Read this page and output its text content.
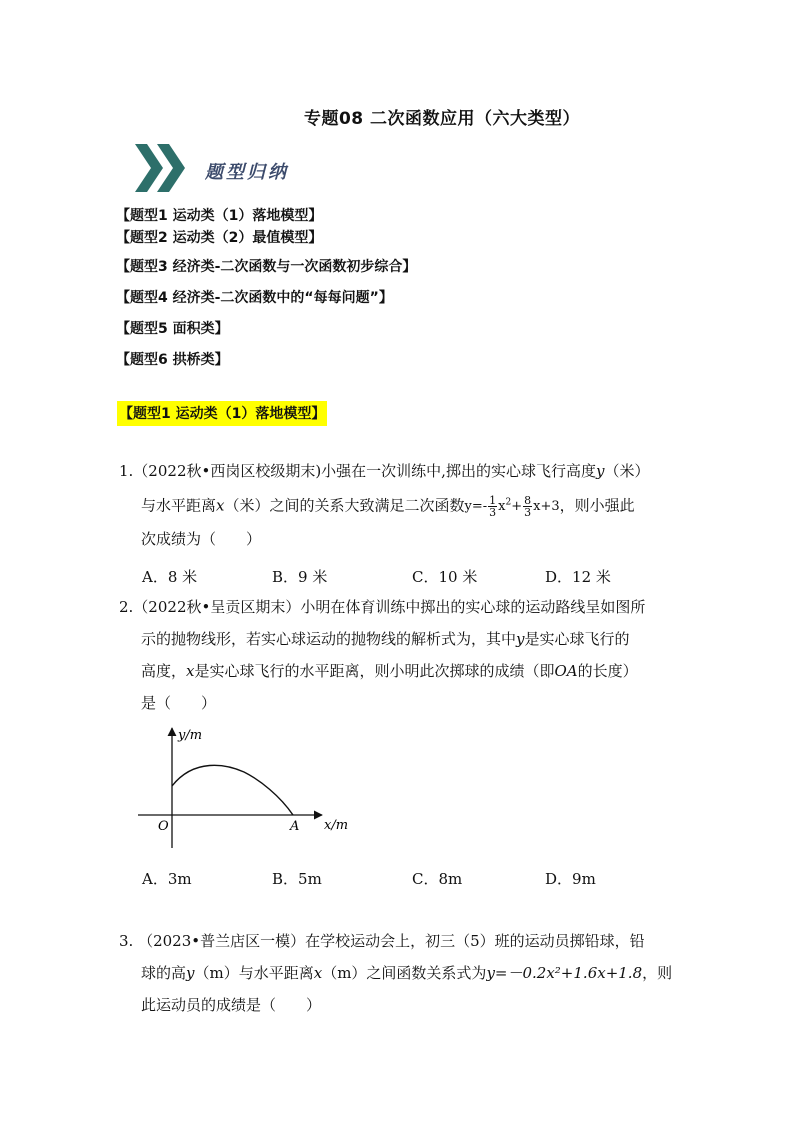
专题08 二次函数应用（六大类型）
题型归纳
【题型1 运动类（1）落地模型】
【题型2 运动类（2）最值模型】
【题型3 经济类-二次函数与一次函数初步综合】
【题型4 经济类-二次函数中的“每每问题”】
【题型5 面积类】
【题型6 拱桥类】
【题型1 运动类（1）落地模型】
1.（2022秋•西岗区校级期末)小强在一次训练中,掷出的实心球飞行高度y（米）
与水平距离x（米）之间的关系大致满足二次函数$y=- \frac{1}{3} x^2+ \frac{8}{3} x+3$，则小强此
次成绩为（　　）
A．8 米	B．9 米	C．10 米	D．12 米
2.（2022秋•呈贡区期末）小明在体育训练中掷出的实心球的运动路线呈如图所
示的抛物线形，若实心球运动的抛物线的解析式为，其中y是实心球飞行的
高度，x是实心球飞行的水平距离，则小明此次掷球的成绩（即OA的长度）
是（　　）
y/m
x/m
O	A
A．3m	B．5m	C．8m	D．9m
3. （2023•普兰店区一模）在学校运动会上，初三（5）班的运动员掷铅球，铅
球的高y（m）与水平距离x（m）之间函数关系式为y=－0.2x²+1.6x+1.8，则
此运动员的成绩是（　　）
